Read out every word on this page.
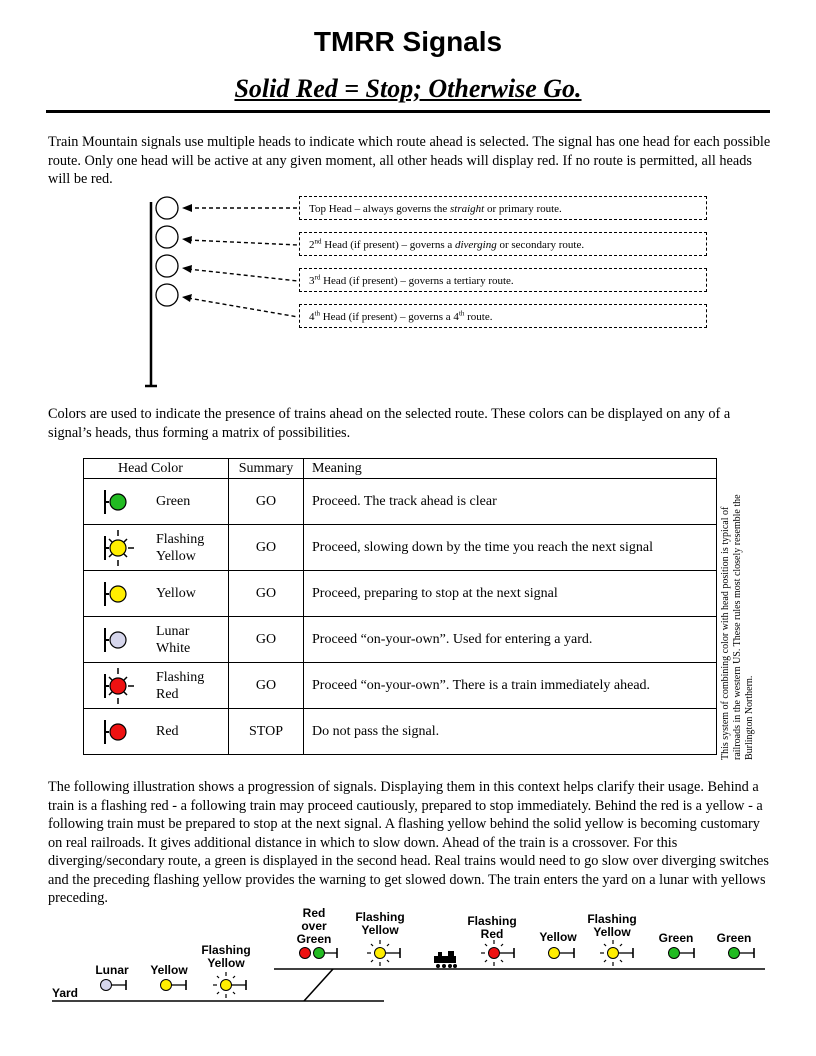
TMRR Signals
Solid Red = Stop; Otherwise Go.
Train Mountain signals use multiple heads to indicate which route ahead is selected. The signal has one head for each possible route. Only one head will be active at any given moment, all other heads will display red. If no route is permitted, all heads will be red.
Top Head – always governs the straight or primary route.
2nd Head (if present) – governs a diverging or secondary route.
3rd Head (if present) – governs a tertiary route.
4th Head (if present) – governs a 4th route.
Colors are used to indicate the presence of trains ahead on the selected route. These colors can be displayed on any of a signal’s heads, thus forming a matrix of possibilities.
Head Color	Summary	Meaning

Green	GO	Proceed. The track ahead is clear

Flashing
Yellow	GO	Proceed, slowing down by the time you reach the next signal

Yellow	GO	Proceed, preparing to stop at the next signal

Lunar
White	GO	Proceed “on-your-own”. Used for entering a yard.

Flashing
Red	GO	Proceed “on-your-own”. There is a train immediately ahead.

Red	STOP	Do not pass the signal.	This system of combining color with head position is typical of railroads in the western US. These rules most closely resemble the Burlington Northern.
The following illustration shows a progression of signals. Displaying them in this context helps clarify their usage. Behind a train is a flashing red - a following train may proceed cautiously, prepared to stop immediately. Behind the red is a yellow - a following train must be prepared to stop at the next signal. A flashing yellow behind the solid yellow is becoming customary on real railroads. It gives additional distance in which to slow down. Ahead of the train is a crossover. For this diverging/secondary route, a green is displayed in the second head. Real trains would need to go slow over diverging switches and the preceding flashing yellow provides the warning to get slowed down. The train enters the yard on a lunar with yellows preceding.
Yard
Lunar	Yellow
Flashing
Yellow
Red
over
Green
Flashing
Yellow
Flashing
Red	Yellow
Flashing
Yellow	Green	Green
